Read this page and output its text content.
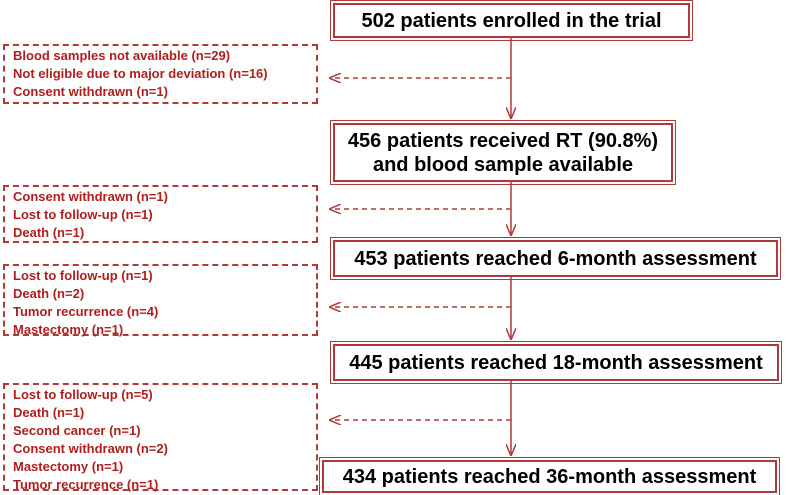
502 patients enrolled in the trial
456 patients received RT (90.8%)
and blood sample available
453 patients reached 6-month assessment
445 patients reached 18-month assessment
434 patients reached 36-month assessment
Blood samples not available (n=29)
Not eligible due to major deviation (n=16)
Consent withdrawn (n=1)
Consent withdrawn (n=1)
Lost to follow-up (n=1)
Death (n=1)
Lost to follow-up (n=1)
Death (n=2)
Tumor recurrence (n=4)
Mastectomy (n=1)
Lost to follow-up (n=5)
Death (n=1)
Second cancer (n=1)
Consent withdrawn (n=2)
Mastectomy (n=1)
Tumor recurrence (n=1)
